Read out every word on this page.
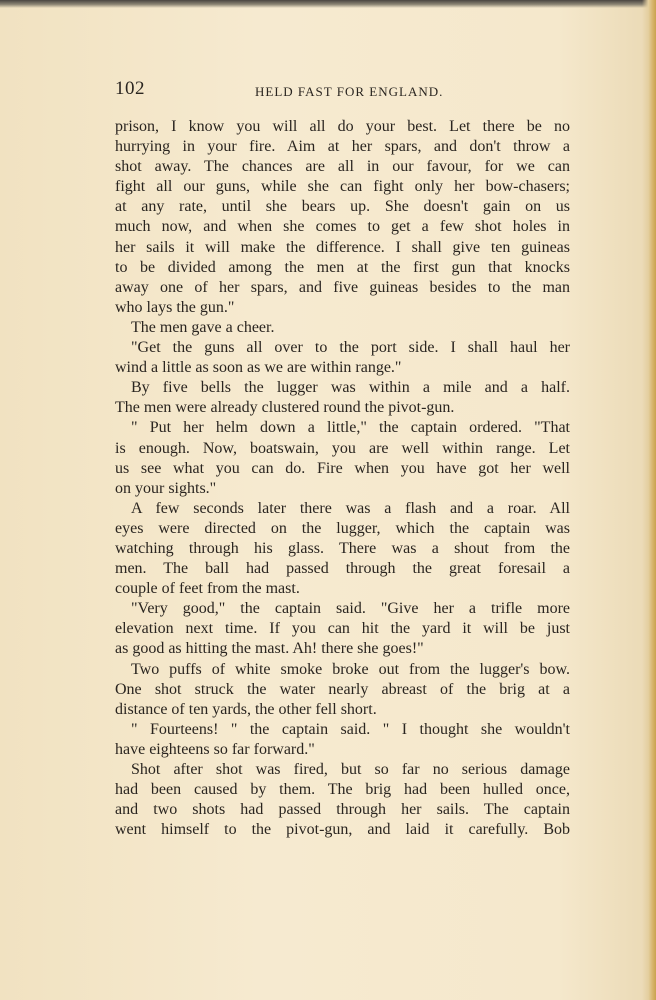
102	HELD FAST FOR ENGLAND.
prison, I know you will all do your best. Let there be no
hurrying in your fire. Aim at her spars, and don't throw a
shot away. The chances are all in our favour, for we can
fight all our guns, while she can fight only her bow-chasers;
at any rate, until she bears up. She doesn't gain on us
much now, and when she comes to get a few shot holes in
her sails it will make the difference. I shall give ten guineas
to be divided among the men at the first gun that knocks
away one of her spars, and five guineas besides to the man
who lays the gun."
The men gave a cheer.
"Get the guns all over to the port side. I shall haul her
wind a little as soon as we are within range."
By five bells the lugger was within a mile and a half.
The men were already clustered round the pivot-gun.
" Put her helm down a little," the captain ordered. "That
is enough. Now, boatswain, you are well within range. Let
us see what you can do. Fire when you have got her well
on your sights."
A few seconds later there was a flash and a roar. All
eyes were directed on the lugger, which the captain was
watching through his glass. There was a shout from the
men. The ball had passed through the great foresail a
couple of feet from the mast.
"Very good," the captain said. "Give her a trifle more
elevation next time. If you can hit the yard it will be just
as good as hitting the mast. Ah! there she goes!"
Two puffs of white smoke broke out from the lugger's bow.
One shot struck the water nearly abreast of the brig at a
distance of ten yards, the other fell short.
" Fourteens! " the captain said. " I thought she wouldn't
have eighteens so far forward."
Shot after shot was fired, but so far no serious damage
had been caused by them. The brig had been hulled once,
and two shots had passed through her sails. The captain
went himself to the pivot-gun, and laid it carefully. Bob
